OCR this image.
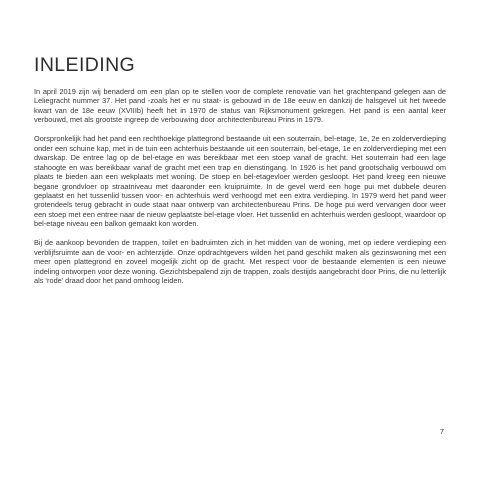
INLEIDING

In april 2019 zijn wij benaderd om een plan op te stellen voor de complete renovatie van het grachtenpand gelegen aan de Leliegracht nummer 37. Het pand -zoals het er nu staat- is gebouwd in de 18e eeuw en dankzij de halsgevel uit het tweede kwart van de 18e eeuw (XVIIIb) heeft het in 1970 de status van Rijksmonument gekregen. Het pand is een aantal keer verbouwd, met als grootste ingreep de verbouwing door architectenbureau Prins in 1979.

Oorspronkelijk had het pand een rechthoekige plattegrond bestaande uit een souterrain, bel-etage, 1e, 2e en zolderverdieping onder een schuine kap, met in de tuin een achterhuis bestaande uit een souterrain, bel-etage, 1e en zolderverdieping met een dwarskap. De entree lag op de bel-etage en was bereikbaar met een stoep vanaf de gracht. Het souterrain had een lage stahoogte en was bereikbaar vanaf de gracht met een trap en dienstingang. In 1926 is het pand grootschalig verbouwd om plaats te bieden aan een wekplaats met woning. De stoep en bel-etagevloer werden gesloopt. Het pand kreeg een nieuwe begane grondvloer op straatniveau met daaronder een kruipruimte. In de gevel werd een hoge pui met dubbele deuren geplaatst en het tussenlid tussen voor- en achterhuis werd verhoogd met een extra verdieping. In 1979 werd het pand weer grotendeels terug gebracht in oude staat naar ontwerp van architectenbureau Prins. De hoge pui werd vervangen door weer een stoep met een entree naar de nieuw geplaatste bel-etage vloer. Het tussenlid en achterhuis werden gesloopt, waardoor op bel-etage niveau een balkon gemaakt kon worden.

Bij de aankoop bevonden de trappen, toilet en badruimten zich in het midden van de woning, met op iedere verdieping een verblijfsruimte aan de voor- en achterzijde. Onze opdrachtgevers wilden het pand geschikt maken als gezinswoning met een meer open plattegrond en zoveel mogelijk zicht op de gracht. Met respect voor de bestaande elementen is een nieuwe indeling ontworpen voor deze woning. Gezichtsbepalend zijn de trappen, zoals destijds aangebracht door Prins, die nu letterlijk als ‘rode’ draad door het pand omhoog leiden.

7
